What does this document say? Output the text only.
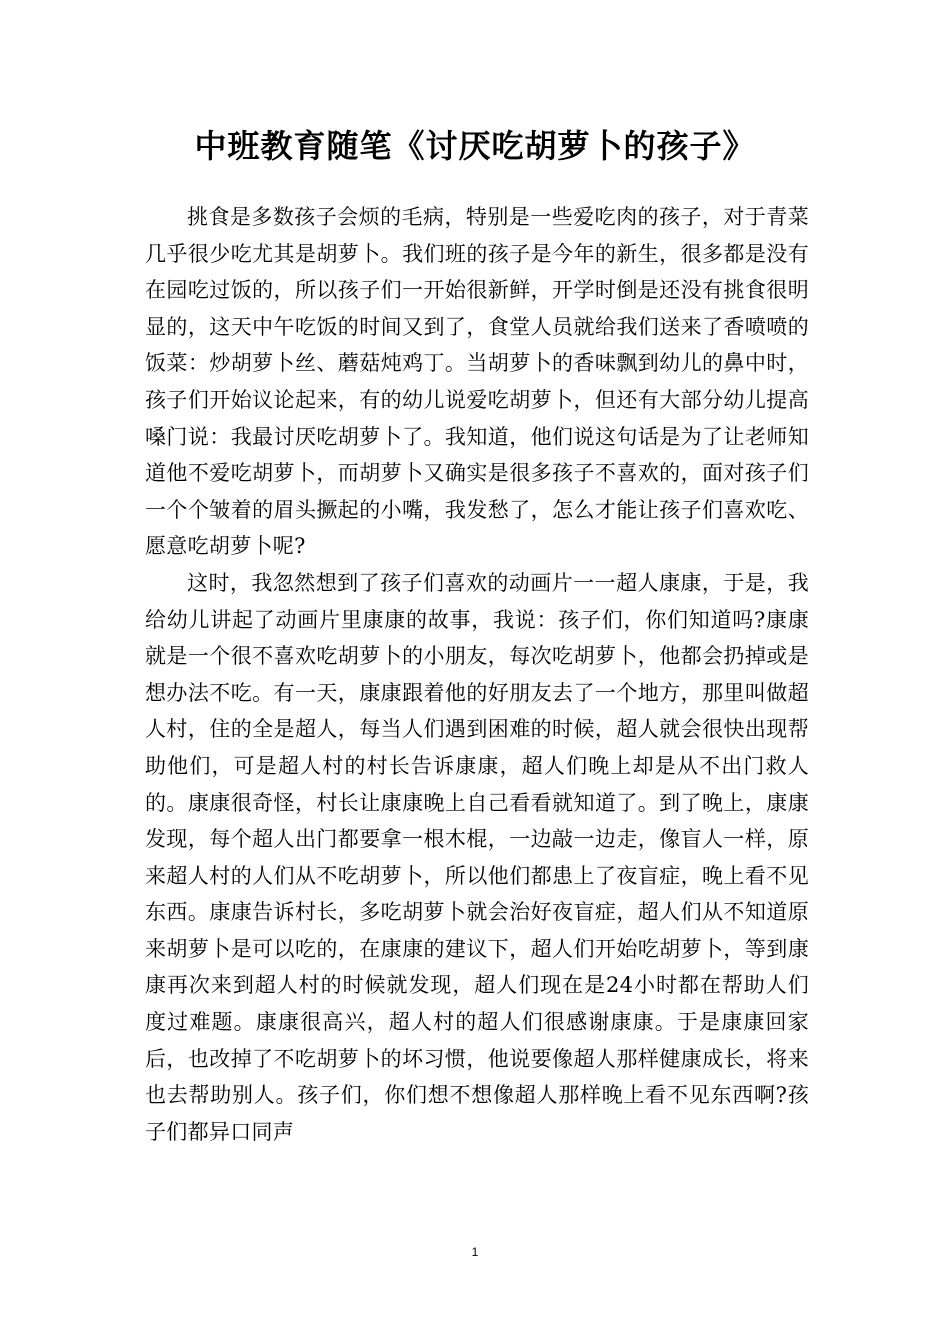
中班教育随笔《讨厌吃胡萝卜的孩子》

挑食是多数孩子会烦的毛病，特别是一些爱吃肉的孩子，对于青菜几乎很少吃尤其是胡萝卜。我们班的孩子是今年的新生，很多都是没有在园吃过饭的，所以孩子们一开始很新鲜，开学时倒是还没有挑食很明显的，这天中午吃饭的时间又到了，食堂人员就给我们送来了香喷喷的饭菜：炒胡萝卜丝、蘑菇炖鸡丁。当胡萝卜的香味飘到幼儿的鼻中时，孩子们开始议论起来，有的幼儿说爱吃胡萝卜，但还有大部分幼儿提高嗓门说：我最讨厌吃胡萝卜了。我知道，他们说这句话是为了让老师知道他不爱吃胡萝卜，而胡萝卜又确实是很多孩子不喜欢的，面对孩子们一个个皱着的眉头撅起的小嘴，我发愁了，怎么才能让孩子们喜欢吃、愿意吃胡萝卜呢?

这时，我忽然想到了孩子们喜欢的动画片一一超人康康，于是，我给幼儿讲起了动画片里康康的故事，我说：孩子们，你们知道吗?康康就是一个很不喜欢吃胡萝卜的小朋友，每次吃胡萝卜，他都会扔掉或是想办法不吃。有一天，康康跟着他的好朋友去了一个地方，那里叫做超人村，住的全是超人，每当人们遇到困难的时候，超人就会很快出现帮助他们，可是超人村的村长告诉康康，超人们晚上却是从不出门救人的。康康很奇怪，村长让康康晚上自己看看就知道了。到了晚上，康康发现，每个超人出门都要拿一根木棍，一边敲一边走，像盲人一样，原来超人村的人们从不吃胡萝卜，所以他们都患上了夜盲症，晚上看不见东西。康康告诉村长，多吃胡萝卜就会治好夜盲症，超人们从不知道原来胡萝卜是可以吃的，在康康的建议下，超人们开始吃胡萝卜，等到康康再次来到超人村的时候就发现，超人们现在是24小时都在帮助人们度过难题。康康很高兴，超人村的超人们很感谢康康。于是康康回家后，也改掉了不吃胡萝卜的坏习惯，他说要像超人那样健康成长，将来也去帮助别人。孩子们，你们想不想像超人那样晚上看不见东西啊?孩子们都异口同声

1
